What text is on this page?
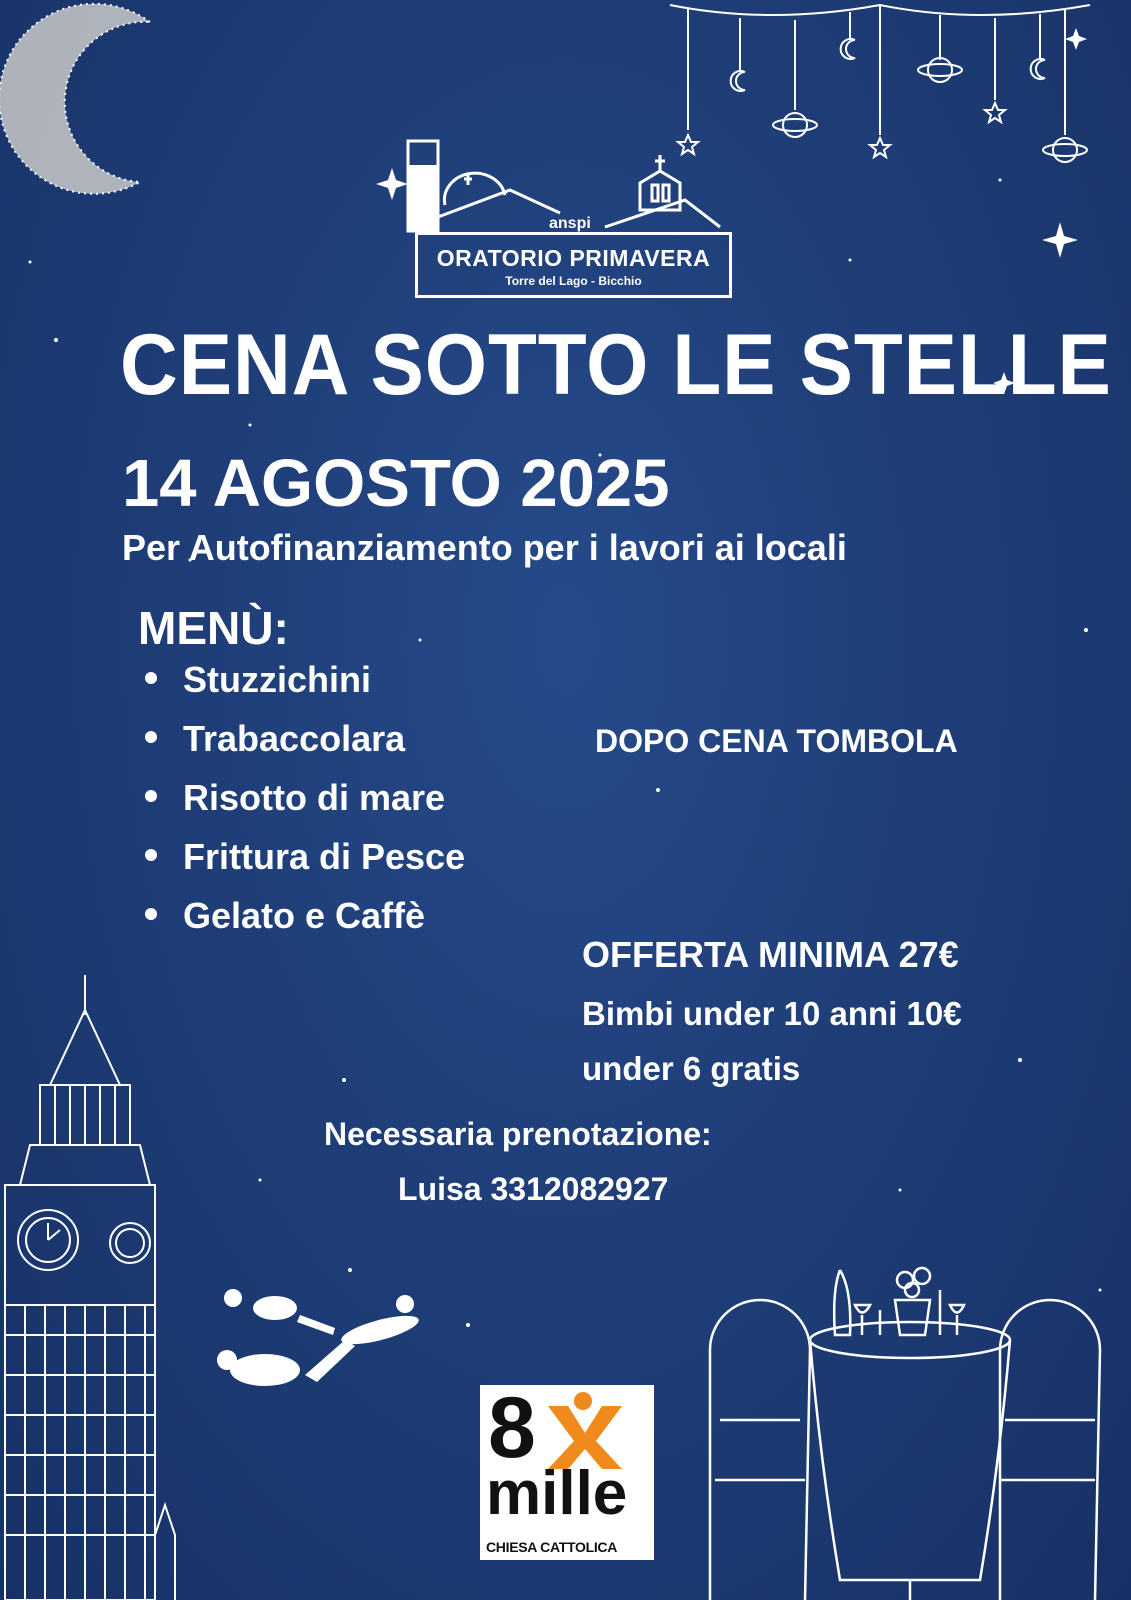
anspi
ORATORIO PRIMAVERA
Torre del Lago - Bicchio
CENA SOTTO LE STELLE
14 AGOSTO 2025
Per Autofinanziamento per i lavori ai locali
MENÙ:
Stuzzichini
Trabaccolara
Risotto di mare
Frittura di Pesce
Gelato e Caffè
DOPO CENA TOMBOLA
OFFERTA MINIMA 27€
Bimbi under 10 anni 10€
under 6 gratis
Necessaria prenotazione:
Luisa 3312082927
8
mille
CHIESA CATTOLICA
